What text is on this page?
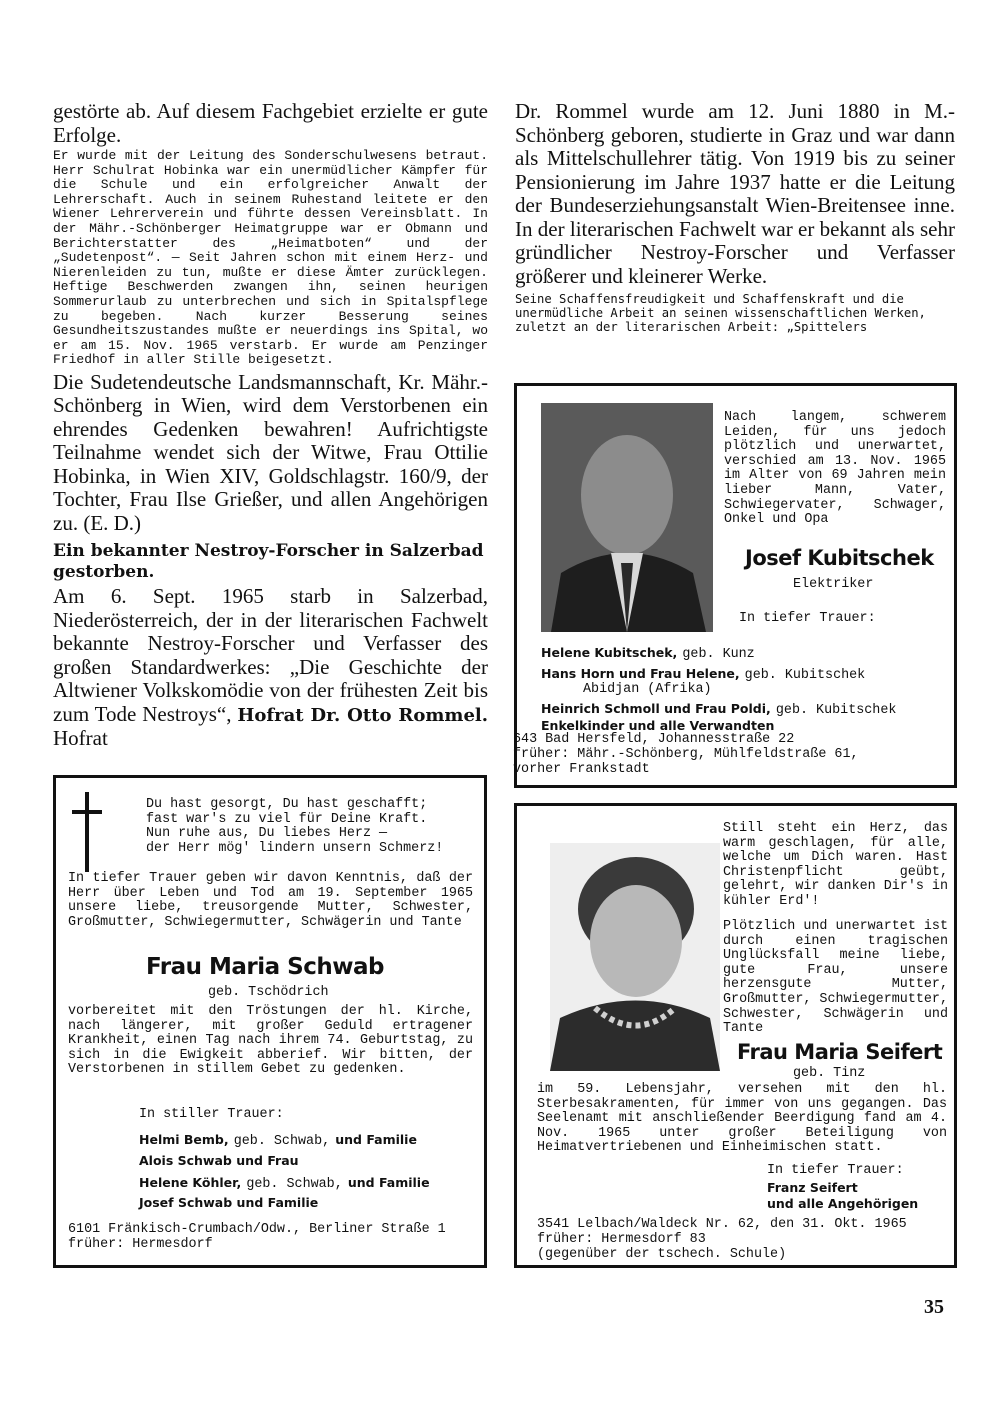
gestörte ab. Auf diesem Fachgebiet erzielte er gute Erfolge.

Er wurde mit der Leitung des Sonderschulwesens betraut. Herr Schulrat Hobinka war ein unermüdlicher Kämpfer für die Schule und ein erfolgreicher Anwalt der Lehrerschaft. Auch in seinem Ruhestand leitete er den Wiener Lehrerverein und führte dessen Vereinsblatt. In der Mähr.-Schönberger Heimatgruppe war er Obmann und Berichterstatter des „Heimatboten“ und der „Sudetenpost“. — Seit Jahren schon mit einem Herz- und Nierenleiden zu tun, mußte er diese Ämter zurücklegen. Heftige Beschwerden zwangen ihn, seinen heurigen Sommerurlaub zu unterbrechen und sich in Spitalspflege zu begeben. Nach kurzer Besserung seines Gesundheitszustandes mußte er neuerdings ins Spital, wo er am 15. Nov. 1965 verstarb. Er wurde am Penzinger Friedhof in aller Stille beigesetzt.

Die Sudetendeutsche Landsmannschaft, Kr. Mähr.-Schönberg in Wien, wird dem Verstorbenen ein ehrendes Gedenken bewahren! Aufrichtigste Teilnahme wendet sich der Witwe, Frau Ottilie Hobinka, in Wien XIV, Goldschlagstr. 160/9, der Tochter, Frau Ilse Grießer, und allen Angehörigen zu. (E. D.)

Ein bekannter Nestroy-Forscher in Salzerbad gestorben.

Am 6. Sept. 1965 starb in Salzerbad, Niederösterreich, der in der literarischen Fachwelt bekannte Nestroy-Forscher und Verfasser des großen Standardwerkes: „Die Geschichte der Altwiener Volkskomödie von der frühesten Zeit bis zum Tode Nestroys“, Hofrat Dr. Otto Rommel. Hofrat

Dr. Rommel wurde am 12. Juni 1880 in M.-Schönberg geboren, studierte in Graz und war dann als Mittelschullehrer tätig. Von 1919 bis zu seiner Pensionierung im Jahre 1937 hatte er die Leitung der Bundeserziehungsanstalt Wien-Breitensee inne. In der literarischen Fachwelt war er bekannt als sehr gründlicher Nestroy-Forscher und Verfasser größerer und kleinerer Werke.

Seine Schaffensfreudigkeit und Schaffenskraft und die unermüdliche Arbeit an seinen wissenschaftlichen Werken, zuletzt an der literarischen Arbeit: „Spittelers

Nach langem, schwerem Leiden, für uns jedoch plötzlich und unerwartet, verschied am 13. Nov. 1965 im Alter von 69 Jahren mein lieber Mann, Vater, Schwiegervater, Schwager, Onkel und Opa
Josef Kubitschek
Elektriker
In tiefer Trauer:
Helene Kubitschek, geb. Kunz
Hans Horn und Frau Helene, geb. Kubitschek
Abidjan (Afrika)
Heinrich Schmoll und Frau Poldi, geb. Kubitschek
Enkelkinder und alle Verwandten
643 Bad Hersfeld, Johannesstraße 22
früher: Mähr.-Schönberg, Mühlfeldstraße 61,
vorher Frankstadt
Du hast gesorgt, Du hast geschafft;
fast war's zu viel für Deine Kraft.
Nun ruhe aus, Du liebes Herz —
der Herr mög' lindern unsern Schmerz!
In tiefer Trauer geben wir davon Kenntnis, daß der Herr über Leben und Tod am 19. September 1965 unsere liebe, treusorgende Mutter, Schwester, Großmutter, Schwiegermutter, Schwägerin und Tante
Frau Maria Schwab
geb. Tschödrich
vorbereitet mit den Tröstungen der hl. Kirche, nach längerer, mit großer Geduld ertragener Krankheit, einen Tag nach ihrem 74. Geburtstag, zu sich in die Ewigkeit abberief. Wir bitten, der Verstorbenen in stillem Gebet zu gedenken.
In stiller Trauer:
Helmi Bemb, geb. Schwab, und Familie
Alois Schwab und Frau
Helene Köhler, geb. Schwab, und Familie
Josef Schwab und Familie
6101 Fränkisch-Crumbach/Odw., Berliner Straße 1
früher: Hermesdorf
Still steht ein Herz, das warm geschlagen, für alle, welche um Dich waren. Hast Christenpflicht geübt, gelehrt, wir danken Dir's in kühler Erd'!
Plötzlich und unerwartet ist durch einen tragischen Unglücksfall meine liebe, gute Frau, unsere herzensgute Mutter, Großmutter, Schwiegermutter, Schwester, Schwägerin und Tante
Frau Maria Seifert
geb. Tinz
im 59. Lebensjahr, versehen mit den hl. Sterbesakramenten, für immer von uns gegangen. Das Seelenamt mit anschließender Beerdigung fand am 4. Nov. 1965 unter großer Beteiligung von Heimatvertriebenen und Einheimischen statt.
In tiefer Trauer:
Franz Seifert
und alle Angehörigen
3541 Lelbach/Waldeck Nr. 62, den 31. Okt. 1965
früher: Hermesdorf 83
(gegenüber der tschech. Schule)
35
